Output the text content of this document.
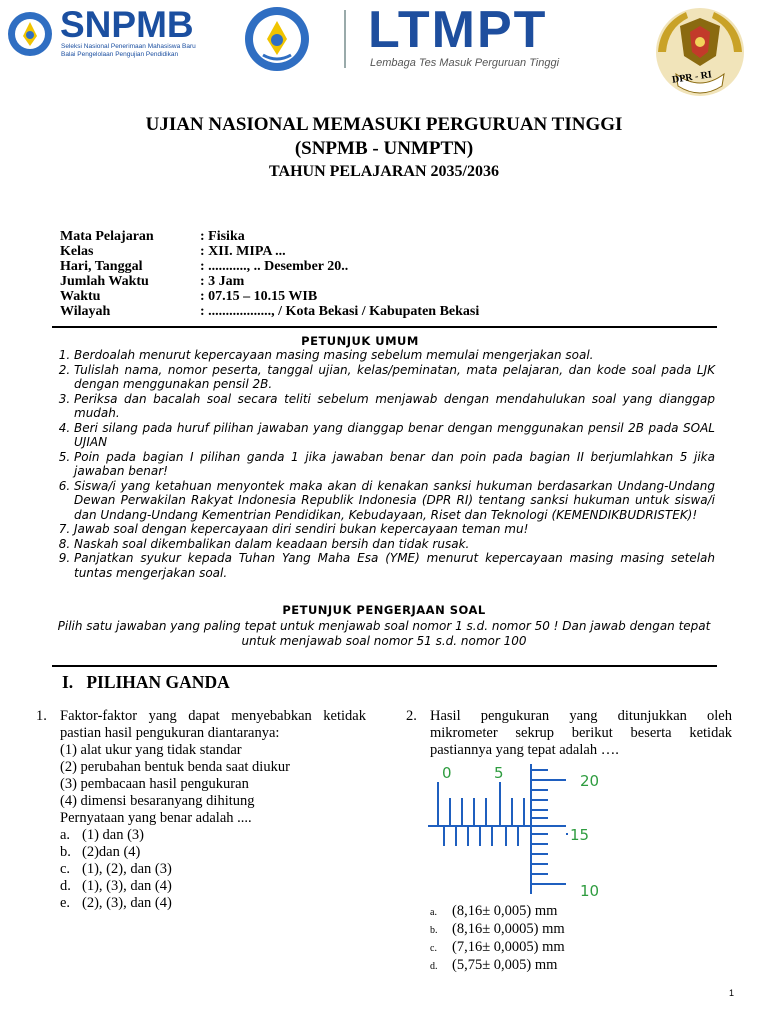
SNPMB
Seleksi Nasional Penerimaan Mahasiswa Baru
Balai Pengelolaan Pengujian Pendidikan	LTMPT
Lembaga Tes Masuk Perguruan Tinggi
DPR - RI
UJIAN NASIONAL MEMASUKI PERGURUAN TINGGI
(SNPMB - UNMPTN)
TAHUN PELAJARAN 2035/2036
Mata Pelajaran	: Fisika
Kelas	: XII. MIPA ...
Hari, Tanggal	: ..........., .. Desember 20..
Jumlah Waktu	: 3 Jam
Waktu	: 07.15 – 10.15 WIB
Wilayah	: .................., / Kota Bekasi / Kabupaten Bekasi
PETUNJUK UMUM
1. Berdoalah menurut kepercayaan masing masing sebelum memulai mengerjakan soal.
2. Tulislah nama, nomor peserta, tanggal ujian, kelas/peminatan, mata pelajaran, dan kode soal pada LJK dengan menggunakan pensil 2B.
3. Periksa dan bacalah soal secara teliti sebelum menjawab dengan mendahulukan soal yang dianggap mudah.
4. Beri silang pada huruf pilihan jawaban yang dianggap benar dengan menggunakan pensil 2B pada SOAL UJIAN
5. Poin pada bagian I pilihan ganda 1 jika jawaban benar dan poin pada bagian II berjumlahkan 5 jika jawaban benar!
6. Siswa/i yang ketahuan menyontek maka akan di kenakan sanksi hukuman berdasarkan Undang-Undang Dewan Perwakilan Rakyat Indonesia Republik Indonesia (DPR RI) tentang sanksi hukuman untuk siswa/i dan Undang-Undang Kementrian Pendidikan, Kebudayaan, Riset dan Teknologi (KEMENDIKBUDRISTEK)!
7. Jawab soal dengan kepercayaan diri sendiri bukan kepercayaan teman mu!
8. Naskah soal dikembalikan dalam keadaan bersih dan tidak rusak.
9. Panjatkan syukur kepada Tuhan Yang Maha Esa (YME) menurut kepercayaan masing masing setelah tuntas mengerjakan soal.
PETUNJUK PENGERJAAN SOAL
Pilih satu jawaban yang paling tepat untuk menjawab soal nomor 1 s.d. nomor 50 ! Dan jawab dengan tepat untuk menjawab soal nomor 51 s.d. nomor 100
I. PILIHAN GANDA
1. Faktor-faktor yang dapat menyebabkan ketidak pastian hasil pengukuran diantaranya:
(1) alat ukur yang tidak standar
(2) perubahan bentuk benda saat diukur
(3) pembacaan hasil pengukuran
(4) dimensi besaranyang dihitung
Pernyataan yang benar adalah ....
a. (1) dan (3)
b. (2)dan (4)
c. (1), (2), dan (3)
d. (1), (3), dan (4)
e. (2), (3), dan (4)
2. Hasil pengukuran yang ditunjukkan oleh mikrometer sekrup berikut beserta ketidak pastiannya yang tepat adalah ….
0	5	20
15
10
a.	(8,16± 0,005) mm
b.	(8,16± 0,0005) mm
c.	(7,16± 0,0005) mm
d.	(5,75± 0,005) mm
1
